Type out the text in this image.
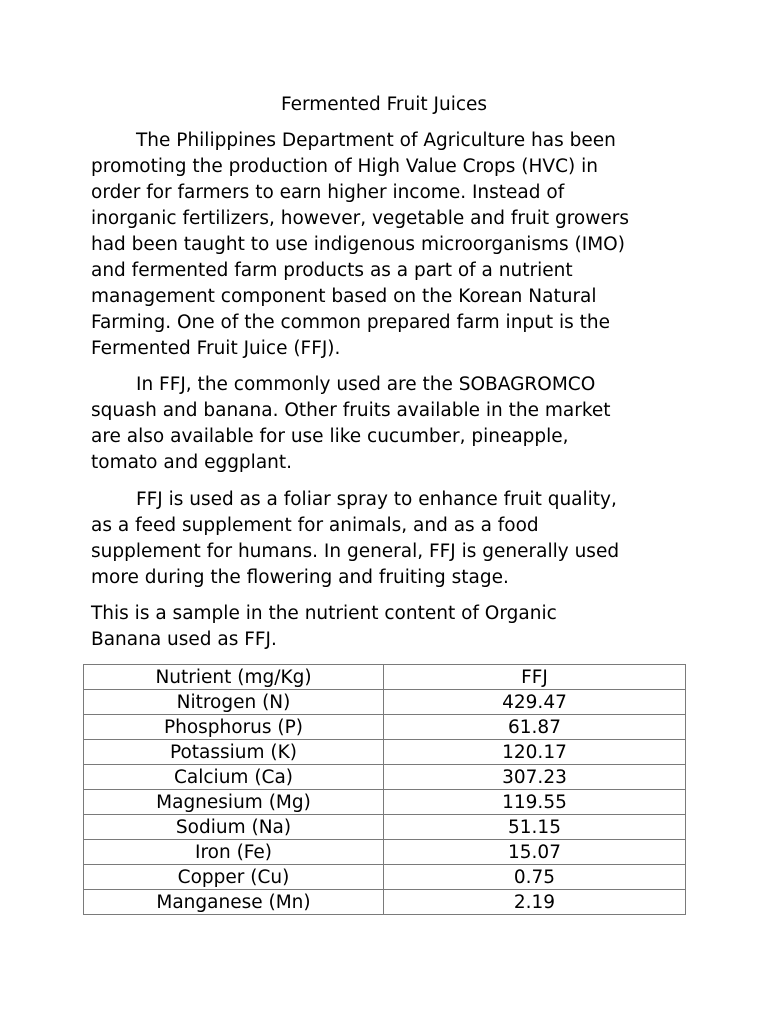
Fermented Fruit Juices
The Philippines Department of Agriculture has been
promoting the production of High Value Crops (HVC) in
order for farmers to earn higher income. Instead of
inorganic fertilizers, however, vegetable and fruit growers
had been taught to use indigenous microorganisms (IMO)
and fermented farm products as a part of a nutrient
management component based on the Korean Natural
Farming. One of the common prepared farm input is the
Fermented Fruit Juice (FFJ).
In FFJ, the commonly used are the SOBAGROMCO
squash and banana. Other fruits available in the market
are also available for use like cucumber, pineapple,
tomato and eggplant.
FFJ is used as a foliar spray to enhance fruit quality,
as a feed supplement for animals, and as a food
supplement for humans. In general, FFJ is generally used
more during the flowering and fruiting stage.
This is a sample in the nutrient content of Organic
Banana used as FFJ.
Nutrient (mg/Kg)	FFJ
Nitrogen (N)	429.47
Phosphorus (P)	61.87
Potassium (K)	120.17
Calcium (Ca)	307.23
Magnesium (Mg)	119.55
Sodium (Na)	51.15
Iron (Fe)	15.07
Copper (Cu)	0.75
Manganese (Mn)	2.19
